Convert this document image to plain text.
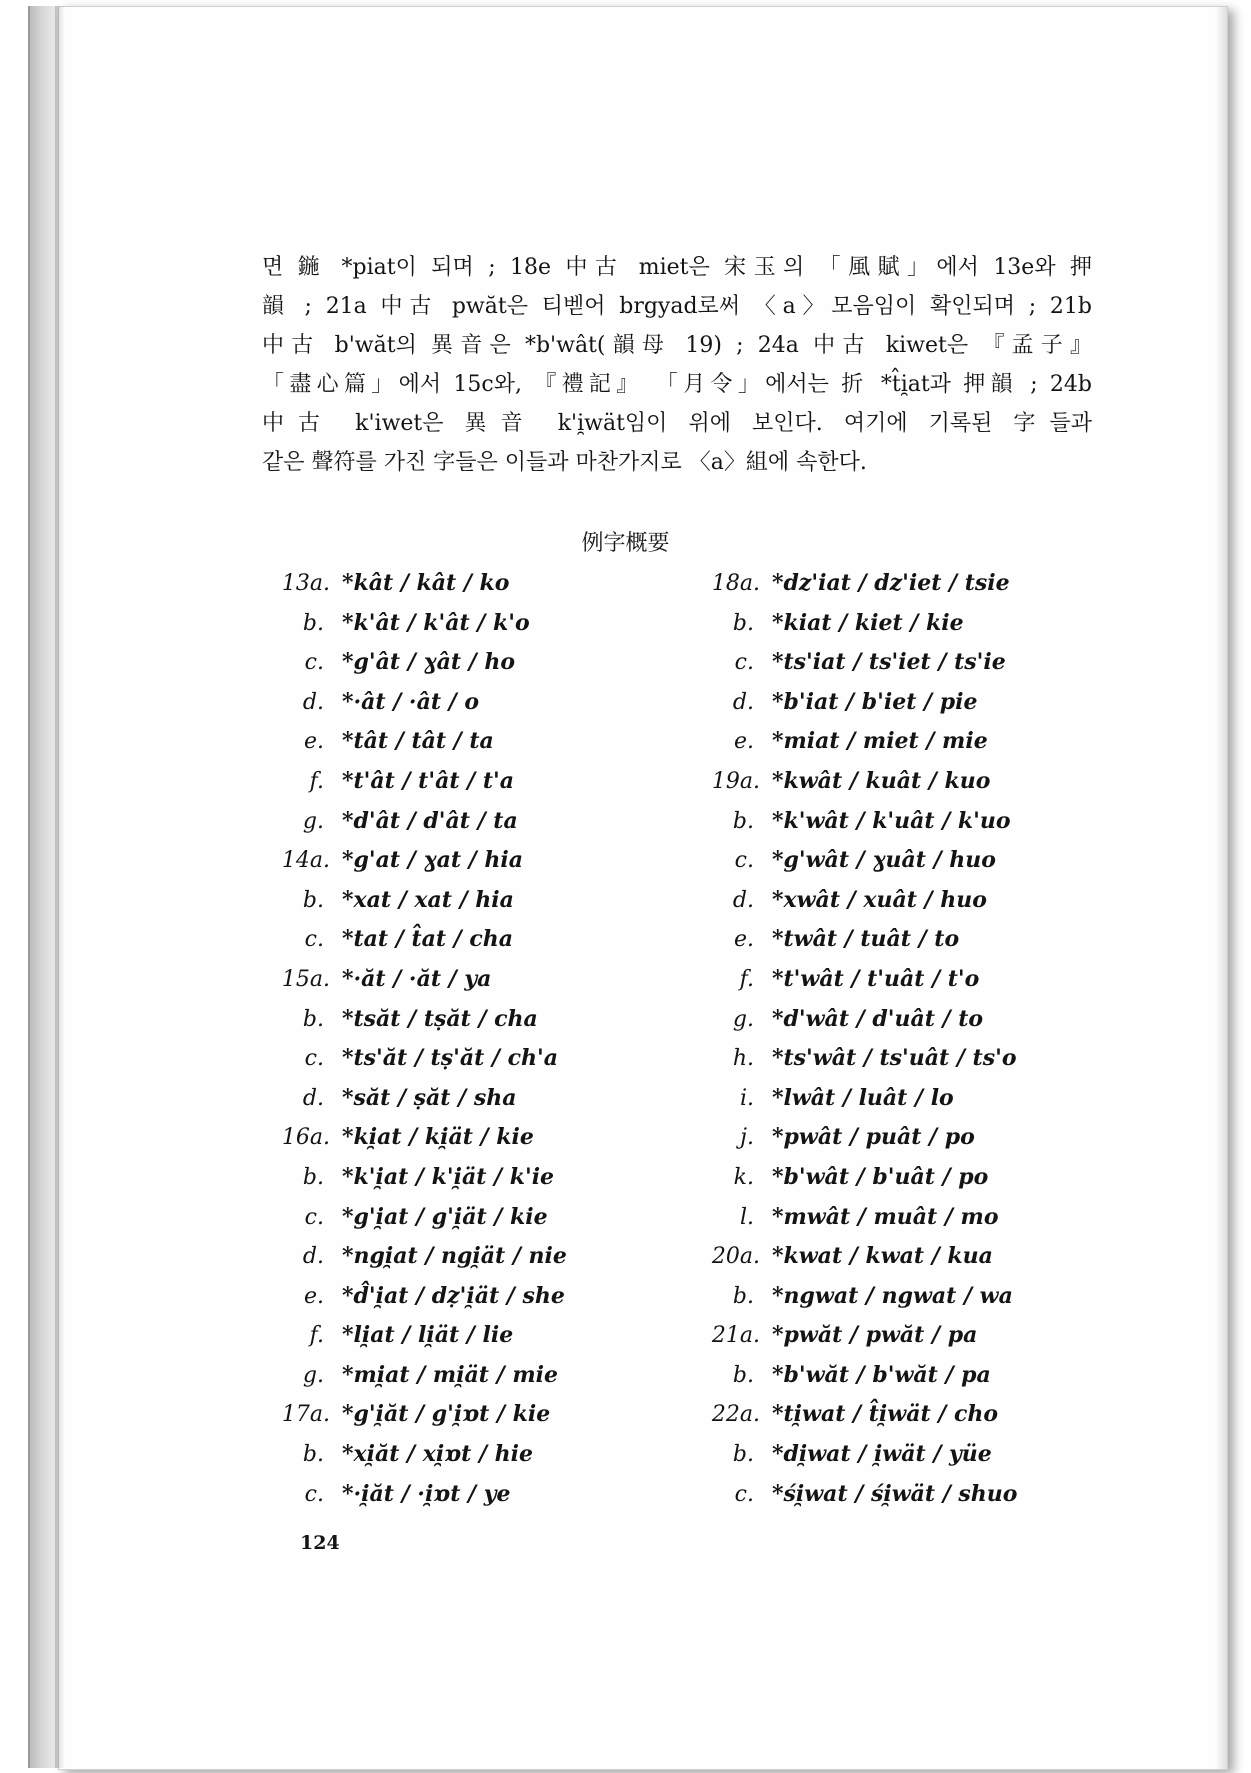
면 鍦 *piat이 되며 ; 18e 中古 miet은 宋玉의 「風賦」에서 13e와 押
韻 ; 21a 中古 pwăt은 티벧어 brgyad로써 〈a〉모음임이 확인되며 ; 21b
中古 b'wăt의 異音은 *b'wât(韻母 19) ; 24a 中古 kiwet은 『孟子』
「盡心篇」에서 15c와, 『禮記』 「月令」에서는 折 *t̂i̯at과 押韻 ; 24b
中古 k'iwet은 異音 k'i̯wät임이 위에 보인다. 여기에 기록된 字들과
같은 聲符를 가진 字들은 이들과 마찬가지로 〈a〉組에 속한다.
例字概要
13a. *kât / kât / ko
b. *k'ât / k'ât / k'o
c. *g'ât / ɣât / ho
d. *·ât / ·ât / o
e. *tât / tât / ta
f. *t'ât / t'ât / t'a
g. *d'ât / d'ât / ta
14a. *g'at / ɣat / hia
b. *xat / xat / hia
c. *tat / t̂at / cha
15a. *·ăt / ·ăt / ya
b. *tsăt / tṣăt / cha
c. *ts'ăt / tṣ'ăt / ch'a
d. *săt / ṣăt / sha
16a. *ki̯at / ki̯ät / kie
b. *k'i̯at / k'i̯ät / k'ie
c. *g'i̯at / g'i̯ät / kie
d. *ngi̯at / ngi̯ät / nie
e. *d̂'i̯at / dẓ'i̯ät / she
f. *li̯at / li̯ät / lie
g. *mi̯at / mi̯ät / mie
17a. *g'i̯ăt / g'i̯ɒt / kie
b. *xi̯ăt / xi̯ɒt / hie
c. *·i̯ăt / ·i̯ɒt / ye
18a. *dz'iat / dz'iet / tsie
b. *kiat / kiet / kie
c. *ts'iat / ts'iet / ts'ie
d. *b'iat / b'iet / pie
e. *miat / miet / mie
19a. *kwât / kuât / kuo
b. *k'wât / k'uât / k'uo
c. *g'wât / ɣuât / huo
d. *xwât / xuât / huo
e. *twât / tuât / to
f. *t'wât / t'uât / t'o
g. *d'wât / d'uât / to
h. *ts'wât / ts'uât / ts'o
i. *lwât / luât / lo
j. *pwât / puât / po
k. *b'wât / b'uât / po
l. *mwât / muât / mo
20a. *kwat / kwat / kua
b. *ngwat / ngwat / wa
21a. *pwăt / pwăt / pa
b. *b'wăt / b'wăt / pa
22a. *ti̯wat / t̂i̯wät / cho
b. *di̯wat / i̯wät / yüe
c. *śi̯wat / śi̯wät / shuo
124
